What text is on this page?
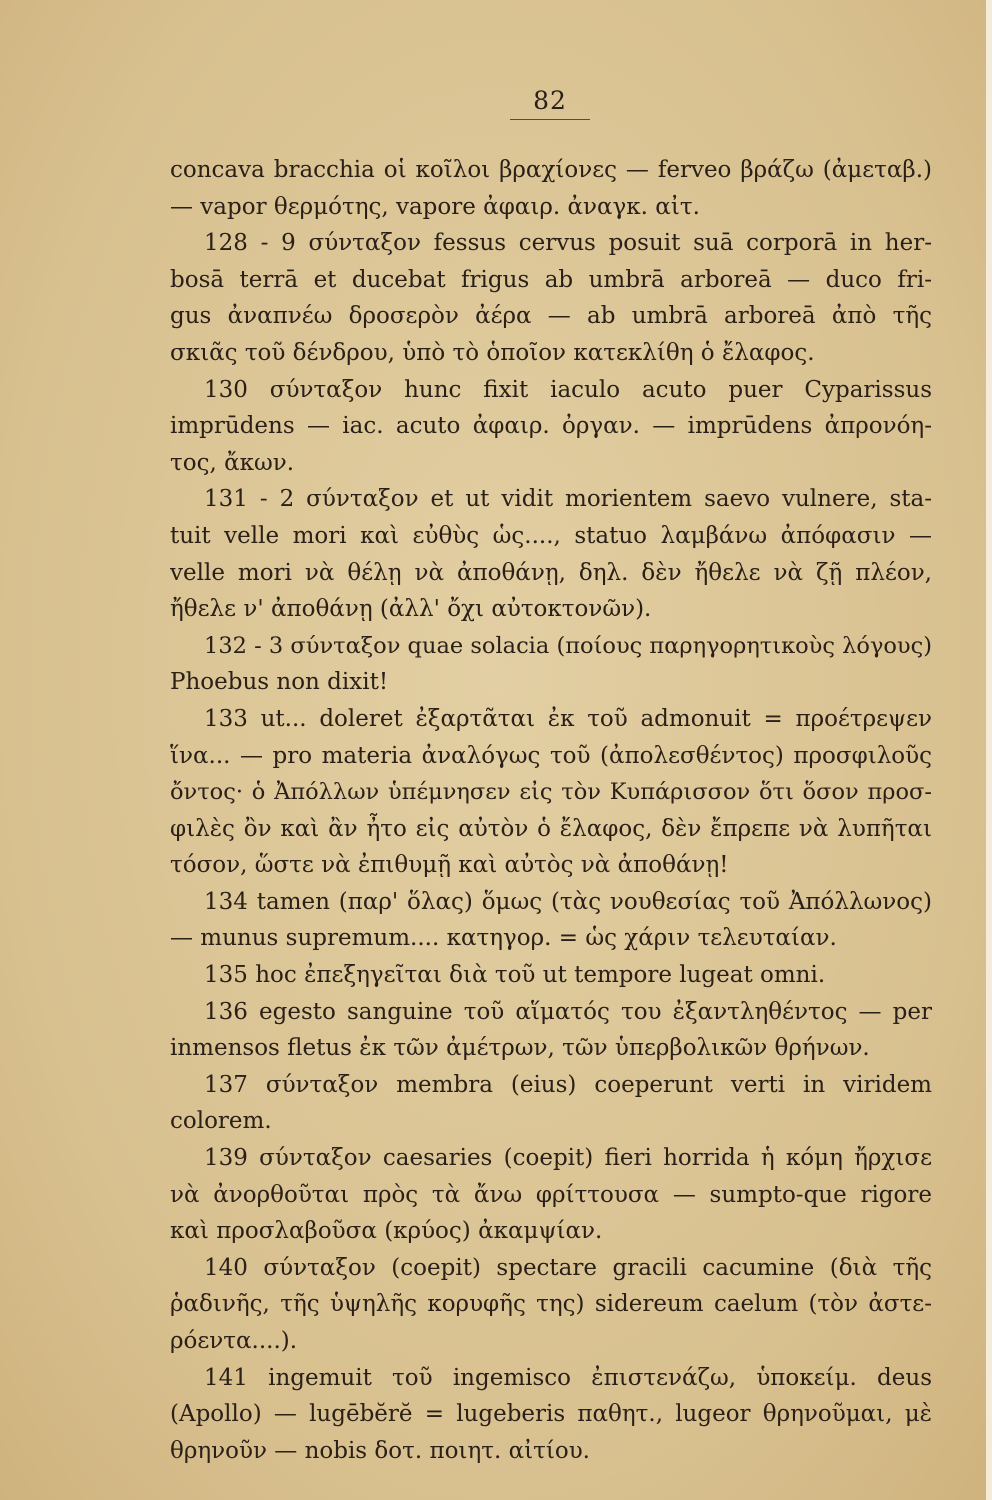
82
concava bracchia οἱ κοῖλοι βραχίονες — ferveo βράζω (ἀμεταβ.)
— vapor θερμότης, vapore ἀφαιρ. ἀναγκ. αἰτ.
128 - 9 σύνταξον fessus cervus posuit suā corporā in her-
bosā terrā et ducebat frigus ab umbrā arboreā — duco fri-
gus ἀναπνέω δροσερὸν ἀέρα — ab umbrā arboreā ἀπὸ τῆς
σκιᾶς τοῦ δένδρου, ὑπὸ τὸ ὁποῖον κατεκλίθη ὁ ἔλαφος.
130 σύνταξον hunc fixit iaculo acuto puer Cyparissus
imprūdens — iac. acuto ἀφαιρ. ὀργαν. — imprūdens ἀπρονόη-
τος, ἄκων.
131 - 2 σύνταξον et ut vidit morientem saevo vulnere, sta-
tuit velle mori καὶ εὐθὺς ὡς...., statuo λαμβάνω ἀπόφασιν —
velle mori νὰ θέλῃ νὰ ἀποθάνῃ, δηλ. δὲν ἤθελε νὰ ζῇ πλέον,
ἤθελε ν' ἀποθάνῃ (ἀλλ' ὄχι αὐτοκτονῶν).
132 - 3 σύνταξον quae solacia (ποίους παρηγορητικοὺς λόγους)
Phoebus non dixit!
133 ut... doleret ἐξαρτᾶται ἐκ τοῦ admonuit = προέτρεψεν
ἵνα... — pro materia ἀναλόγως τοῦ (ἀπολεσθέντος) προσφιλοῦς
ὄντος· ὁ Ἀπόλλων ὑπέμνησεν εἰς τὸν Κυπάρισσον ὅτι ὅσον προσ-
φιλὲς ὂν καὶ ἂν ἦτο εἰς αὐτὸν ὁ ἔλαφος, δὲν ἔπρεπε νὰ λυπῆται
τόσον, ὥστε νὰ ἐπιθυμῇ καὶ αὐτὸς νὰ ἀποθάνῃ!
134 tamen (παρ' ὅλας) ὅμως (τὰς νουθεσίας τοῦ Ἀπόλλωνος)
— munus supremum.... κατηγορ. = ὡς χάριν τελευταίαν.
135 hoc ἐπεξηγεῖται διὰ τοῦ ut tempore lugeat omni.
136 egesto sanguine τοῦ αἵματός του ἐξαντληθέντος — per
inmensos fletus ἐκ τῶν ἀμέτρων, τῶν ὑπερβολικῶν θρήνων.
137 σύνταξον membra (eius) coeperunt verti in viridem
colorem.
139 σύνταξον caesaries (coepit) fieri horrida ἡ κόμη ἤρχισε
νὰ ἀνορθοῦται πρὸς τὰ ἄνω φρίττουσα — sumpto-que rigore
καὶ προσλαβοῦσα (κρύος) ἀκαμψίαν.
140 σύνταξον (coepit) spectare gracili cacumine (διὰ τῆς
ῥαδινῆς, τῆς ὑψηλῆς κορυφῆς της) sidereum caelum (τὸν ἀστε-
ρόεντα....).
141 ingemuit τοῦ ingemisco ἐπιστενάζω, ὑποκείμ. deus
(Apollo) — lugēbĕrĕ = lugeberis παθητ., lugeor θρηνοῦμαι, μὲ
θρηνοῦν — nobis δοτ. ποιητ. αἰτίου.
